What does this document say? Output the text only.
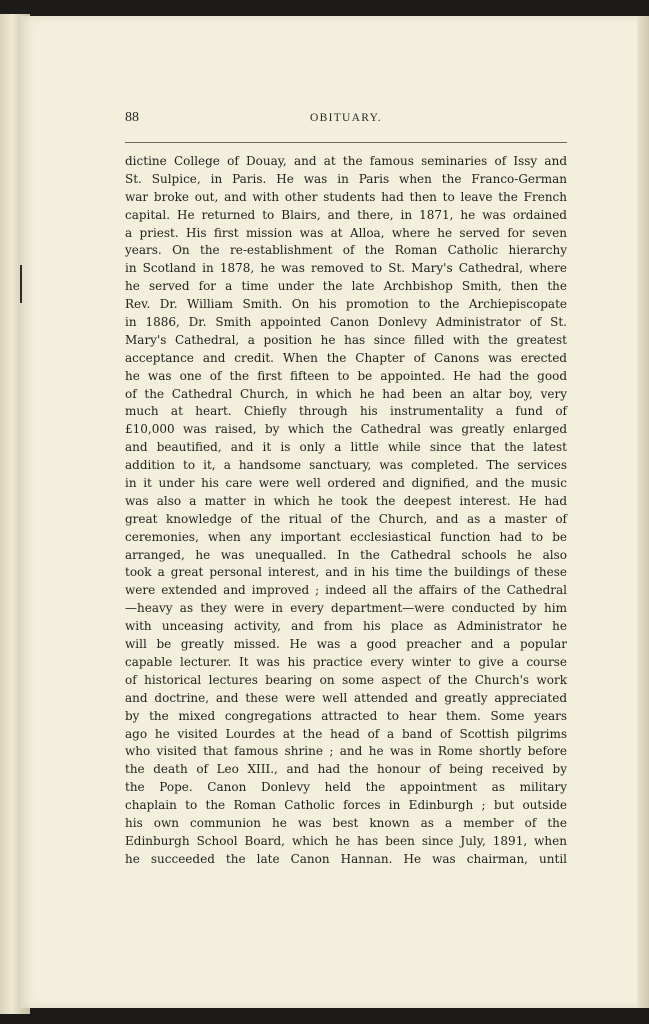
88	OBITUARY.
dictine College of Douay, and at the famous seminaries of Issy and
St. Sulpice, in Paris. He was in Paris when the Franco-German
war broke out, and with other students had then to leave the French
capital. He returned to Blairs, and there, in 1871, he was ordained
a priest. His first mission was at Alloa, where he served for seven
years. On the re-establishment of the Roman Catholic hierarchy
in Scotland in 1878, he was removed to St. Mary's Cathedral, where
he served for a time under the late Archbishop Smith, then the
Rev. Dr. William Smith. On his promotion to the Archiepiscopate
in 1886, Dr. Smith appointed Canon Donlevy Administrator of St.
Mary's Cathedral, a position he has since filled with the greatest
acceptance and credit. When the Chapter of Canons was erected
he was one of the first fifteen to be appointed. He had the good
of the Cathedral Church, in which he had been an altar boy, very
much at heart. Chiefly through his instrumentality a fund of
£10,000 was raised, by which the Cathedral was greatly enlarged
and beautified, and it is only a little while since that the latest
addition to it, a handsome sanctuary, was completed. The services
in it under his care were well ordered and dignified, and the music
was also a matter in which he took the deepest interest. He had
great knowledge of the ritual of the Church, and as a master of
ceremonies, when any important ecclesiastical function had to be
arranged, he was unequalled. In the Cathedral schools he also
took a great personal interest, and in his time the buildings of these
were extended and improved ; indeed all the affairs of the Cathedral
—heavy as they were in every department—were conducted by him
with unceasing activity, and from his place as Administrator he
will be greatly missed. He was a good preacher and a popular
capable lecturer. It was his practice every winter to give a course
of historical lectures bearing on some aspect of the Church's work
and doctrine, and these were well attended and greatly appreciated
by the mixed congregations attracted to hear them. Some years
ago he visited Lourdes at the head of a band of Scottish pilgrims
who visited that famous shrine ; and he was in Rome shortly before
the death of Leo XIII., and had the honour of being received by
the Pope. Canon Donlevy held the appointment as military
chaplain to the Roman Catholic forces in Edinburgh ; but outside
his own communion he was best known as a member of the
Edinburgh School Board, which he has been since July, 1891, when
he succeeded the late Canon Hannan. He was chairman, until
